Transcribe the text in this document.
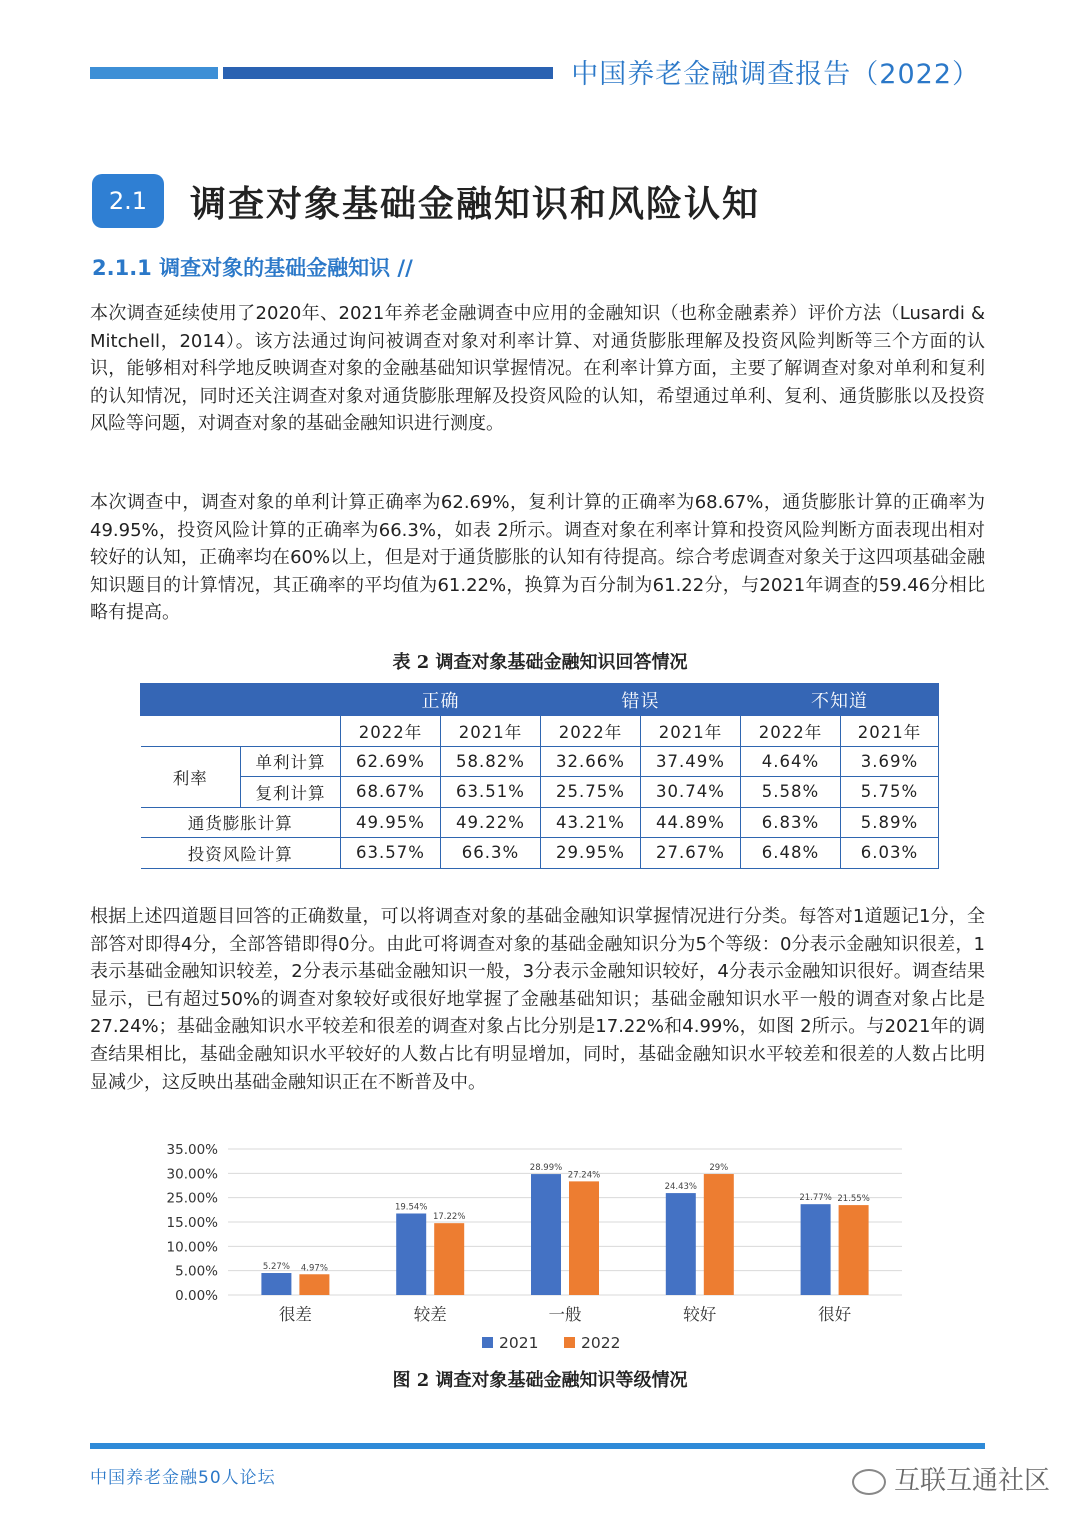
中国养老金融调查报告（2022）
2.1	调查对象基础金融知识和风险认知
2.1.1 调查对象的基础金融知识 //
本次调查延续使用了2020年、2021年养老金融调查中应用的金融知识（也称金融素养）评价方法（Lusardi & Mitchell，2014）。该方法通过询问被调查对象对利率计算、对通货膨胀理解及投资风险判断等三个方面的认识，能够相对科学地反映调查对象的金融基础知识掌握情况。在利率计算方面，主要了解调查对象对单利和复利的认知情况，同时还关注调查对象对通货膨胀理解及投资风险的认知，希望通过单利、复利、通货膨胀以及投资风险等问题，对调查对象的基础金融知识进行测度。
本次调查中，调查对象的单利计算正确率为62.69%，复利计算的正确率为68.67%，通货膨胀计算的正确率为49.95%，投资风险计算的正确率为66.3%，如表 2所示。调查对象在利率计算和投资风险判断方面表现出相对较好的认知，正确率均在60%以上，但是对于通货膨胀的认知有待提高。综合考虑调查对象关于这四项基础金融知识题目的计算情况，其正确率的平均值为61.22%，换算为百分制为61.22分，与2021年调查的59.46分相比略有提高。
表 2 调查对象基础金融知识回答情况
		正确		错误		不知道	
		2022年	2021年	2022年	2021年	2022年	2021年
利率	单利计算	62.69%	58.82%	32.66%	37.49%	4.64%	3.69%
	复利计算	68.67%	63.51%	25.75%	30.74%	5.58%	5.75%
通货膨胀计算		49.95%	49.22%	43.21%	44.89%	6.83%	5.89%
投资风险计算		63.57%	66.3%	29.95%	27.67%	6.48%	6.03%
根据上述四道题目回答的正确数量，可以将调查对象的基础金融知识掌握情况进行分类。每答对1道题记1分，全部答对即得4分，全部答错即得0分。由此可将调查对象的基础金融知识分为5个等级：0分表示金融知识很差，1表示基础金融知识较差，2分表示基础金融知识一般，3分表示金融知识较好，4分表示金融知识很好。调查结果显示，已有超过50%的调查对象较好或很好地掌握了金融基础知识；基础金融知识水平一般的调查对象占比是27.24%；基础金融知识水平较差和很差的调查对象占比分别是17.22%和4.99%，如图 2所示。与2021年的调查结果相比，基础金融知识水平较好的人数占比有明显增加，同时，基础金融知识水平较差和很差的人数占比明显减少，这反映出基础金融知识正在不断普及中。
35.00%
30.00%
25.00%
15.00%
10.00%
5.00%
0.00%
5.27% 4.97%
19.54%
17.22%
28.99%
27.24%
24.43%
29%
21.77% 21.55%
很差	较差	一般	较好	很好
2021	2022
图 2 调查对象基础金融知识等级情况
中国养老金融50人论坛	互联互通社区
